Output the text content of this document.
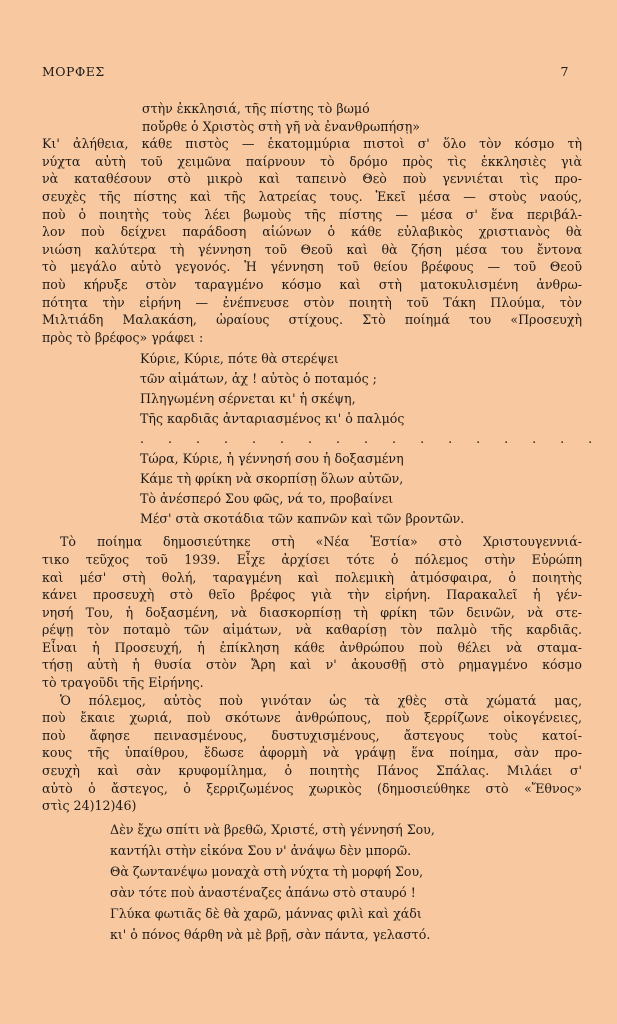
ΜΟΡΦΕΣ	7
στὴν ἐκκλησιά, τῆς πίστης τὸ βωμό
ποὔρθε ὁ Χριστὸς στὴ γῆ νὰ ἐνανθρωπήσῃ»
Κι' ἀλήθεια, κάθε πιστὸς — ἑκατομμύρια πιστοὶ σ' ὅλο τὸν κόσμο τὴ
νύχτα αὐτὴ τοῦ χειμῶνα παίρνουν τὸ δρόμο πρὸς τὶς ἐκκλησιὲς γιὰ
νὰ καταθέσουν στὸ μικρὸ καὶ ταπεινὸ Θεὸ ποὺ γεννιέται τὶς προ-
σευχὲς τῆς πίστης καὶ τῆς λατρείας τους. Ἐκεῖ μέσα — στοὺς ναούς,
ποὺ ὁ ποιητὴς τοὺς λέει βωμοὺς τῆς πίστης — μέσα σ' ἕνα περιβάλ-
λον ποὺ δείχνει παράδοση αἰώνων ὁ κάθε εὐλαβικὸς χριστιανὸς θὰ
νιώση καλύτερα τὴ γέννηση τοῦ Θεοῦ καὶ θὰ ζήση μέσα του ἔντονα
τὸ μεγάλο αὐτὸ γεγονός. Ἡ γέννηση τοῦ θείου βρέφους — τοῦ Θεοῦ
ποὺ κήρυξε στὸν ταραγμένο κόσμο καὶ στὴ ματοκυλισμένη ἀνθρω-
πότητα τὴν εἰρήνη — ἐνέπνευσε στὸν ποιητὴ τοῦ Τάκη Πλούμα, τὸν
Μιλτιάδη Μαλακάση, ὡραίους στίχους. Στὸ ποίημά του «Προσευχὴ
πρὸς τὸ βρέφος» γράφει :
Κύριε, Κύριε, πότε θὰ στερέψει
τῶν αἱμάτων, ἀχ ! αὐτὸς ὁ ποταμός ;
Πληγωμένη σέρνεται κι' ἡ σκέψη,
Τῆς καρδιᾶς ἀνταριασμένος κι' ὁ παλμός
. . . . . . . . . . . . . . . . .
Τώρα, Κύριε, ἡ γέννησή σου ἡ δοξασμένη
Κάμε τὴ φρίκη νὰ σκορπίσῃ ὅλων αὐτῶν,
Τὸ ἀνέσπερό Σου φῶς, νά το, προβαίνει
Μέσ' στὰ σκοτάδια τῶν καπνῶν καὶ τῶν βροντῶν.
Τὸ ποίημα δημοσιεύτηκε στὴ «Νέα Ἑστία» στὸ Χριστουγεννιά-
τικο τεῦχος τοῦ 1939. Εἶχε ἀρχίσει τότε ὁ πόλεμος στὴν Εὐρώπη
καὶ μέσ' στὴ θολή, ταραγμένη καὶ πολεμικὴ ἀτμόσφαιρα, ὁ ποιητὴς
κάνει προσευχὴ στὸ θεῖο βρέφος γιὰ τὴν εἰρήνη. Παρακαλεῖ ἡ γέν-
νησή Του, ἡ δοξασμένη, νὰ διασκορπίσῃ τὴ φρίκη τῶν δεινῶν, νὰ στε-
ρέψῃ τὸν ποταμὸ τῶν αἱμάτων, νὰ καθαρίσῃ τὸν παλμὸ τῆς καρδιᾶς.
Εἶναι ἡ Προσευχή, ἡ ἐπίκληση κάθε ἀνθρώπου ποὺ θέλει νὰ σταμα-
τήσῃ αὐτὴ ἡ θυσία στὸν Ἄρη καὶ ν' ἀκουσθῇ στὸ ρημαγμένο κόσμο
τὸ τραγοῦδι τῆς Εἰρήνης.
Ὁ πόλεμος, αὐτὸς ποὺ γινόταν ὡς τὰ χθὲς στὰ χώματά μας,
ποὺ ἔκαιε χωριά, ποὺ σκότωνε ἀνθρώπους, ποὺ ξερρίζωνε οἰκογένειες,
ποὺ ἄφησε πεινασμένους, δυστυχισμένους, ἄστεγους τοὺς κατοί-
κους τῆς ὑπαίθρου, ἔδωσε ἀφορμὴ νὰ γράψῃ ἕνα ποίημα, σὰν προ-
σευχὴ καὶ σὰν κρυφομίλημα, ὁ ποιητὴς Πάνος Σπάλας. Μιλάει σ'
αὐτὸ ὁ ἄστεγος, ὁ ξερριζωμένος χωρικὸς (δημοσιεύθηκε στὸ «Ἔθνος»
στὶς 24)12)46)
Δὲν ἔχω σπίτι νὰ βρεθῶ, Χριστέ, στὴ γέννησή Σου,
καντήλι στὴν εἰκόνα Σου ν' ἀνάψω δὲν μπορῶ.
Θὰ ζωντανέψω μοναχὰ στὴ νύχτα τὴ μορφή Σου,
σὰν τότε ποὺ ἀναστέναζες ἀπάνω στὸ σταυρό !
Γλύκα φωτιᾶς δὲ θὰ χαρῶ, μάννας φιλὶ καὶ χάδι
κι' ὁ πόνος θάρθη νὰ μὲ βρῇ, σὰν πάντα, γελαστό.
